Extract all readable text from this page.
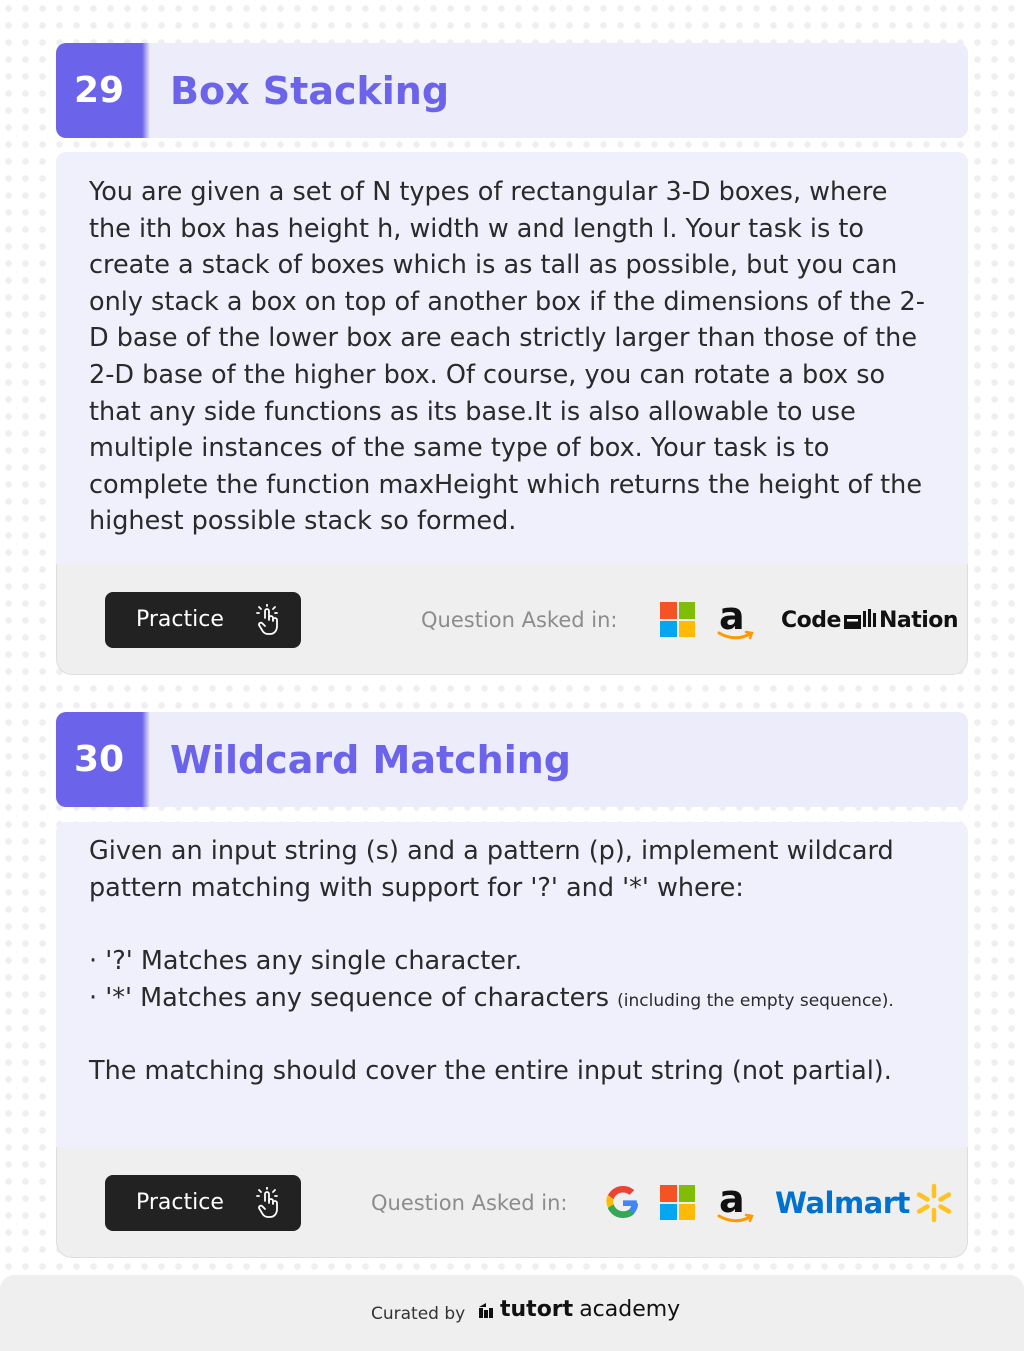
29	Box Stacking

You are given a set of N types of rectangular 3-D boxes, where the ith box has height h, width w and length l. Your task is to create a stack of boxes which is as tall as possible, but you can only stack a box on top of another box if the dimensions of the 2-D base of the lower box are each strictly larger than those of the 2-D base of the higher box. Of course, you can rotate a box so that any side functions as its base.It is also allowable to use multiple instances of the same type of box. Your task is to complete the function maxHeight which returns the height of the highest possible stack so formed.

Practice	Question Asked in:	a Code Nation
30	Wildcard Matching

Given an input string (s) and a pattern (p), implement wildcard pattern matching with support for '?' and '*' where:

· '?' Matches any single character.

· '*' Matches any sequence of characters (including the empty sequence).

The matching should cover the entire input string (not partial).

Practice	Question Asked in:	a Walmart
Curated by tutort academy
